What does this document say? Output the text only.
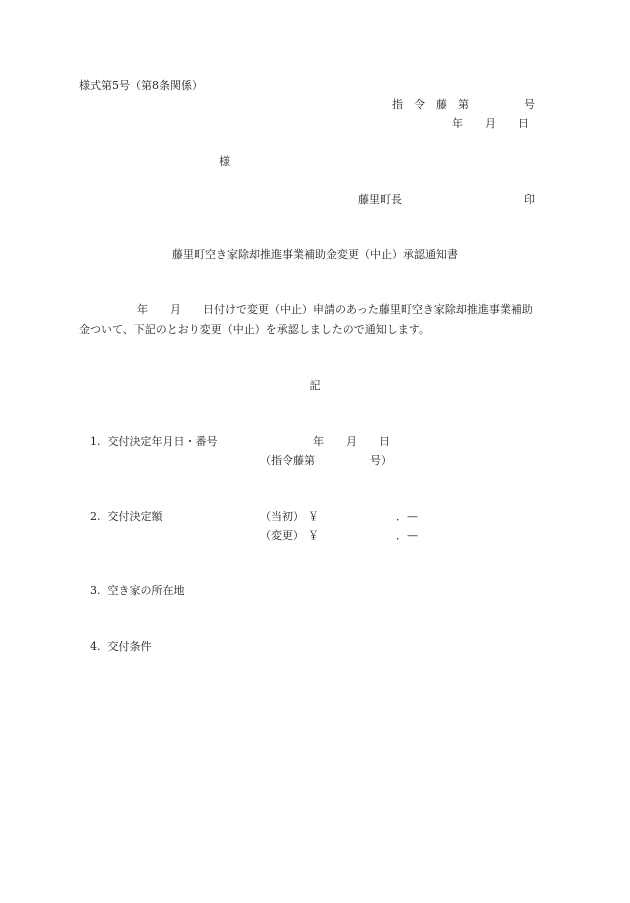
様式第5号（第8条関係）
指　令　藤　第　　　　　号
年　　月　　日
様
藤里町長	印
藤里町空き家除却推進事業補助金変更（中止）承認通知書
年　　月　　日付けで変更（中止）申請のあった藤里町空き家除却推進事業補助
金ついて、下記のとおり変更（中止）を承認しましたので通知します。
記
1.  交付決定年月日・番号	年　　月　　日
（指令藤第　　　　　号）
2.  交付決定額	（当初） ￥	．—
（変更） ￥	．—
3.  空き家の所在地
4.  交付条件
